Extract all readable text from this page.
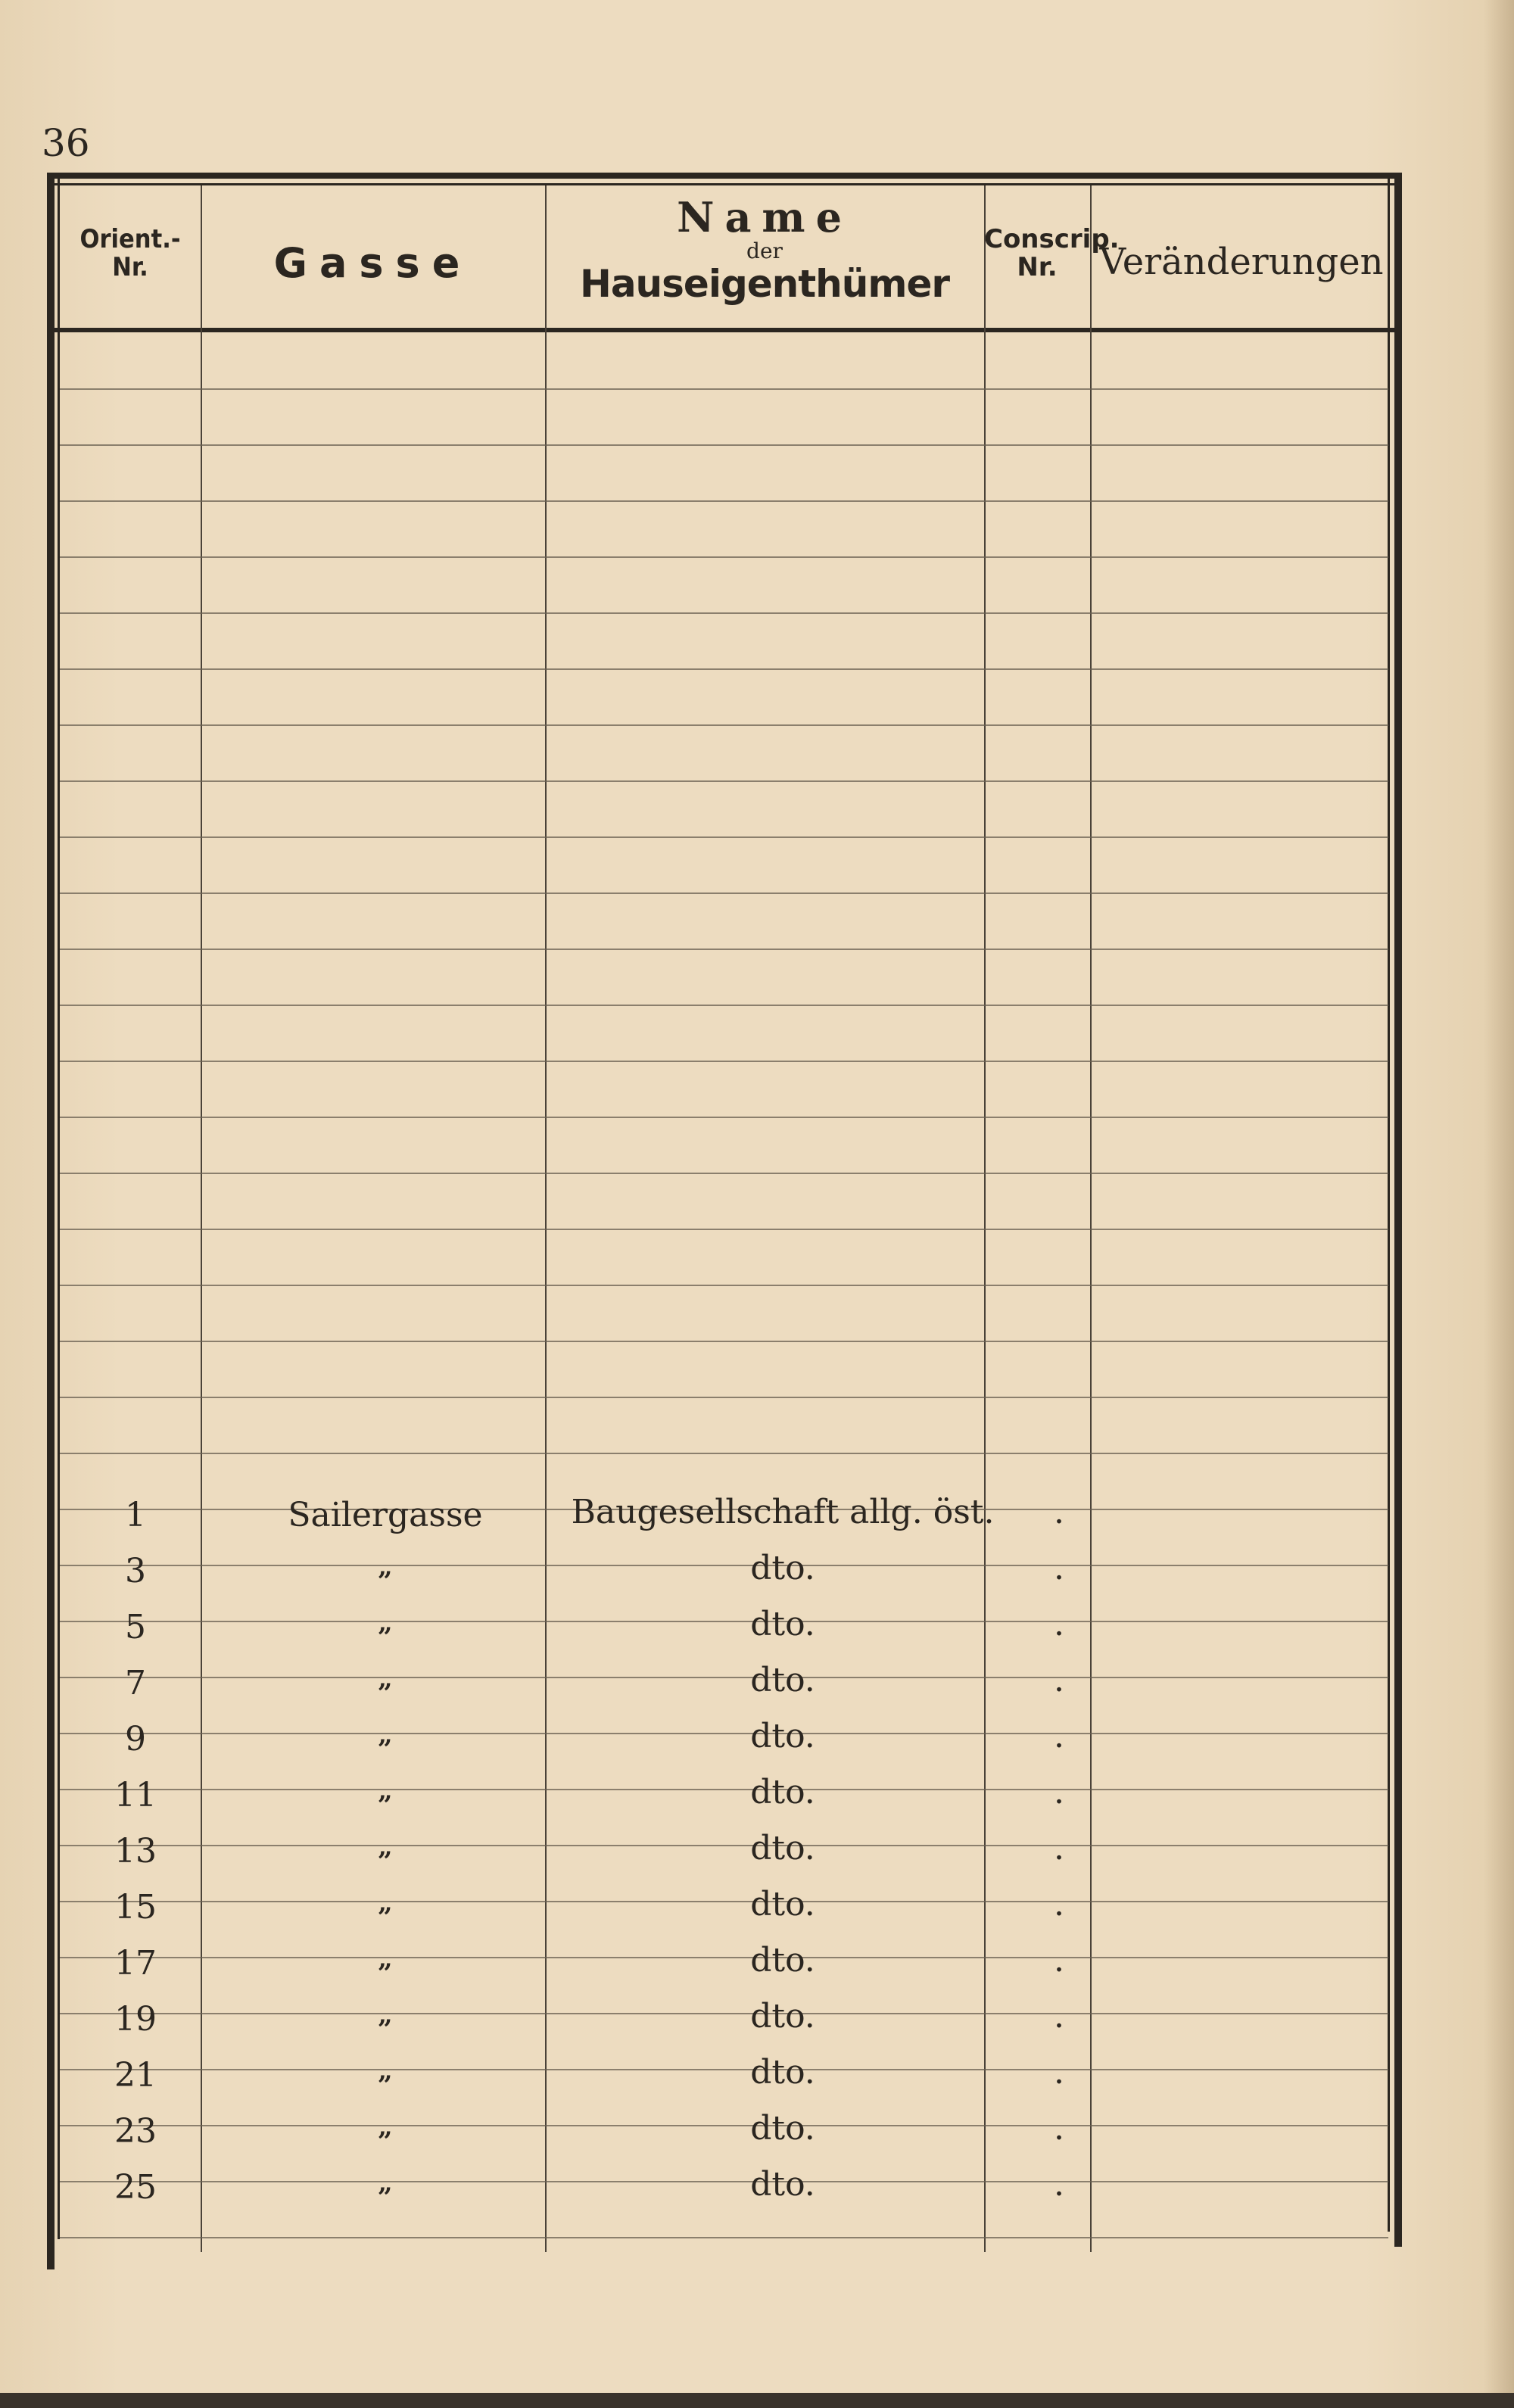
36
Orient.-
Nr.	Gasse
Name
der
Hauseigenthümer
Conscrip.
Nr.	Veränderungen
1	Sailergasse	Baugesellschaft allg. öst.	.
3	„	dto.	.
5	„	dto.	.
7	„	dto.	.
9	„	dto.	.
11	„	dto.	.
13	„	dto.	.
15	„	dto.	.
17	„	dto.	.
19	„	dto.	.
21	„	dto.	.
23	„	dto.	.
25	„	dto.	.
